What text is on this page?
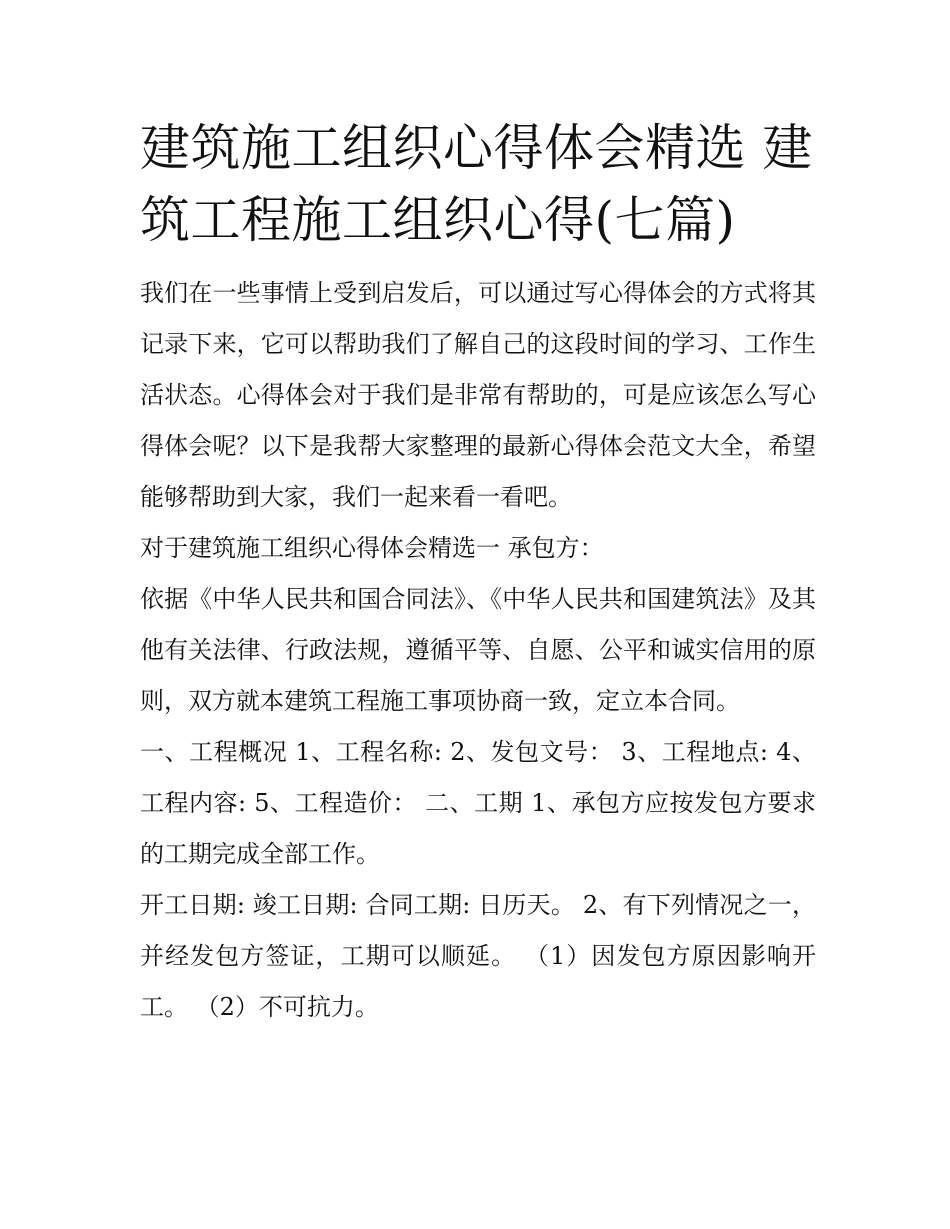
建筑施工组织心得体会精选 建筑工程施工组织心得(七篇)

我们在一些事情上受到启发后，可以通过写心得体会的方式将其记录下来，它可以帮助我们了解自己的这段时间的学习、工作生活状态。心得体会对于我们是非常有帮助的，可是应该怎么写心得体会呢？以下是我帮大家整理的最新心得体会范文大全，希望能够帮助到大家，我们一起来看一看吧。

对于建筑施工组织心得体会精选一 承包方：

依据《中华人民共和国合同法》、《中华人民共和国建筑法》及其他有关法律、行政法规，遵循平等、自愿、公平和诚实信用的原则，双方就本建筑工程施工事项协商一致，定立本合同。

一、工程概况 1、工程名称: 2、发包文号： 3、工程地点: 4、工程内容: 5、工程造价： 二、工期 1、承包方应按发包方要求的工期完成全部工作。

开工日期: 竣工日期: 合同工期: 日历天。 2、有下列情况之一，并经发包方签证，工期可以顺延。 （1）因发包方原因影响开工。 （2）不可抗力。
